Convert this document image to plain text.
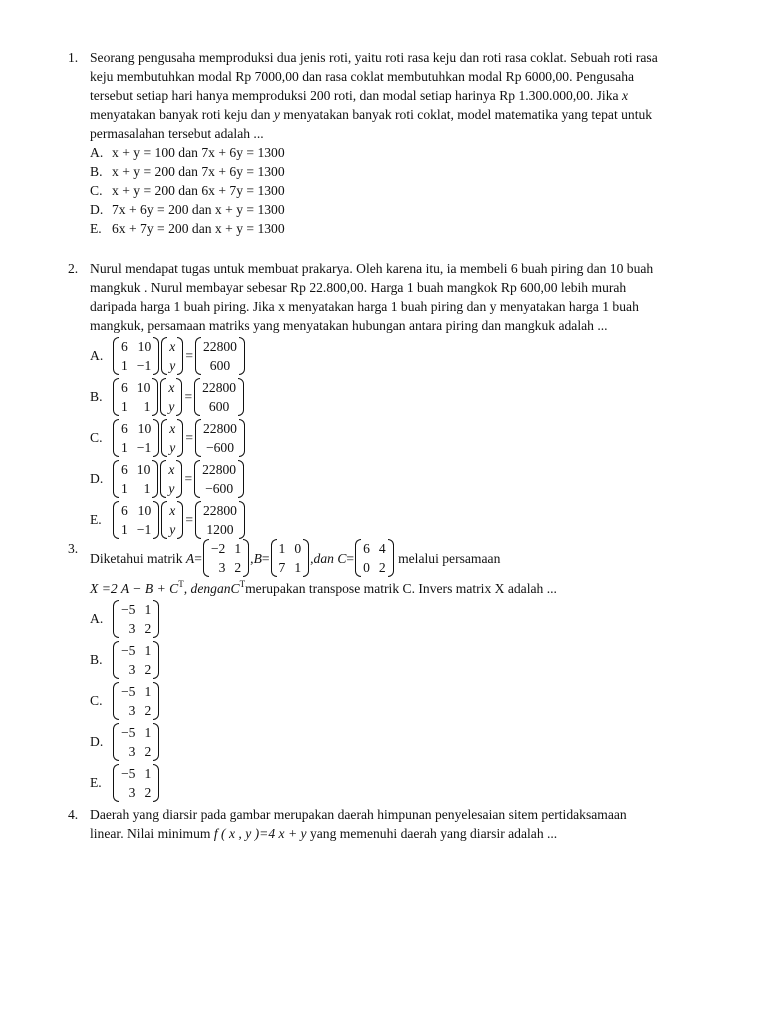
1. Seorang pengusaha memproduksi dua jenis roti, yaitu roti rasa keju dan roti rasa coklat. Sebuah roti rasa
keju membutuhkan modal Rp 7000,00 dan rasa coklat membutuhkan modal Rp 6000,00. Pengusaha
tersebut setiap hari hanya memproduksi 200 roti, dan modal setiap harinya Rp 1.300.000,00. Jika x
menyatakan banyak roti keju dan y menyatakan banyak roti coklat, model matematika yang tepat untuk
permasalahan tersebut adalah ...
A. x + y = 100 dan 7x + 6y = 1300
B. x + y = 200 dan 7x + 6y = 1300
C. x + y = 200 dan 6x + 7y = 1300
D. 7x + 6y = 200 dan x + y = 1300
E. 6x + 7y = 200 dan x + y = 1300
2. Nurul mendapat tugas untuk membuat prakarya. Oleh karena itu, ia membeli 6 buah piring dan 10 buah
mangkuk . Nurul membayar sebesar Rp 22.800,00. Harga 1 buah mangkok Rp 600,00 lebih murah
daripada harga 1 buah piring. Jika x menyatakan harga 1 buah piring dan y menyatakan harga 1 buah
mangkuk, persamaan matriks yang menyatakan hubungan antara piring dan mangkuk adalah ...
A.
6 10
1 −1
x
y
=
22800
600
B.
6 10
1	1
x
y
=
22800
600
C.
6 10
1 −1
x
y
=
22800
−600
D.
6 10
1	1
x
y
=
22800
−600
E.
6 10
1 −1
x
y
=
22800
1200
3.
Diketahui matrik
A =
−2 1
3 2
, B =
1 0
7 1
, dan C =
6 4
0 2

melalui persamaan
X =2 $A - B + C^T$, denganC$^T$merupakan transpose matrik C. Invers matrix X adalah ...
A.
−5 1
3 2
B.
−5 1
3 2
C.
−5 1
3 2
D.
−5 1
3 2
E.
−5 1
3 2
4. Daerah yang diarsir pada gambar merupakan daerah himpunan penyelesaian sitem pertidaksamaan
linear. Nilai minimum f ( x , y )=4 x + y yang memenuhi daerah yang diarsir adalah ...
